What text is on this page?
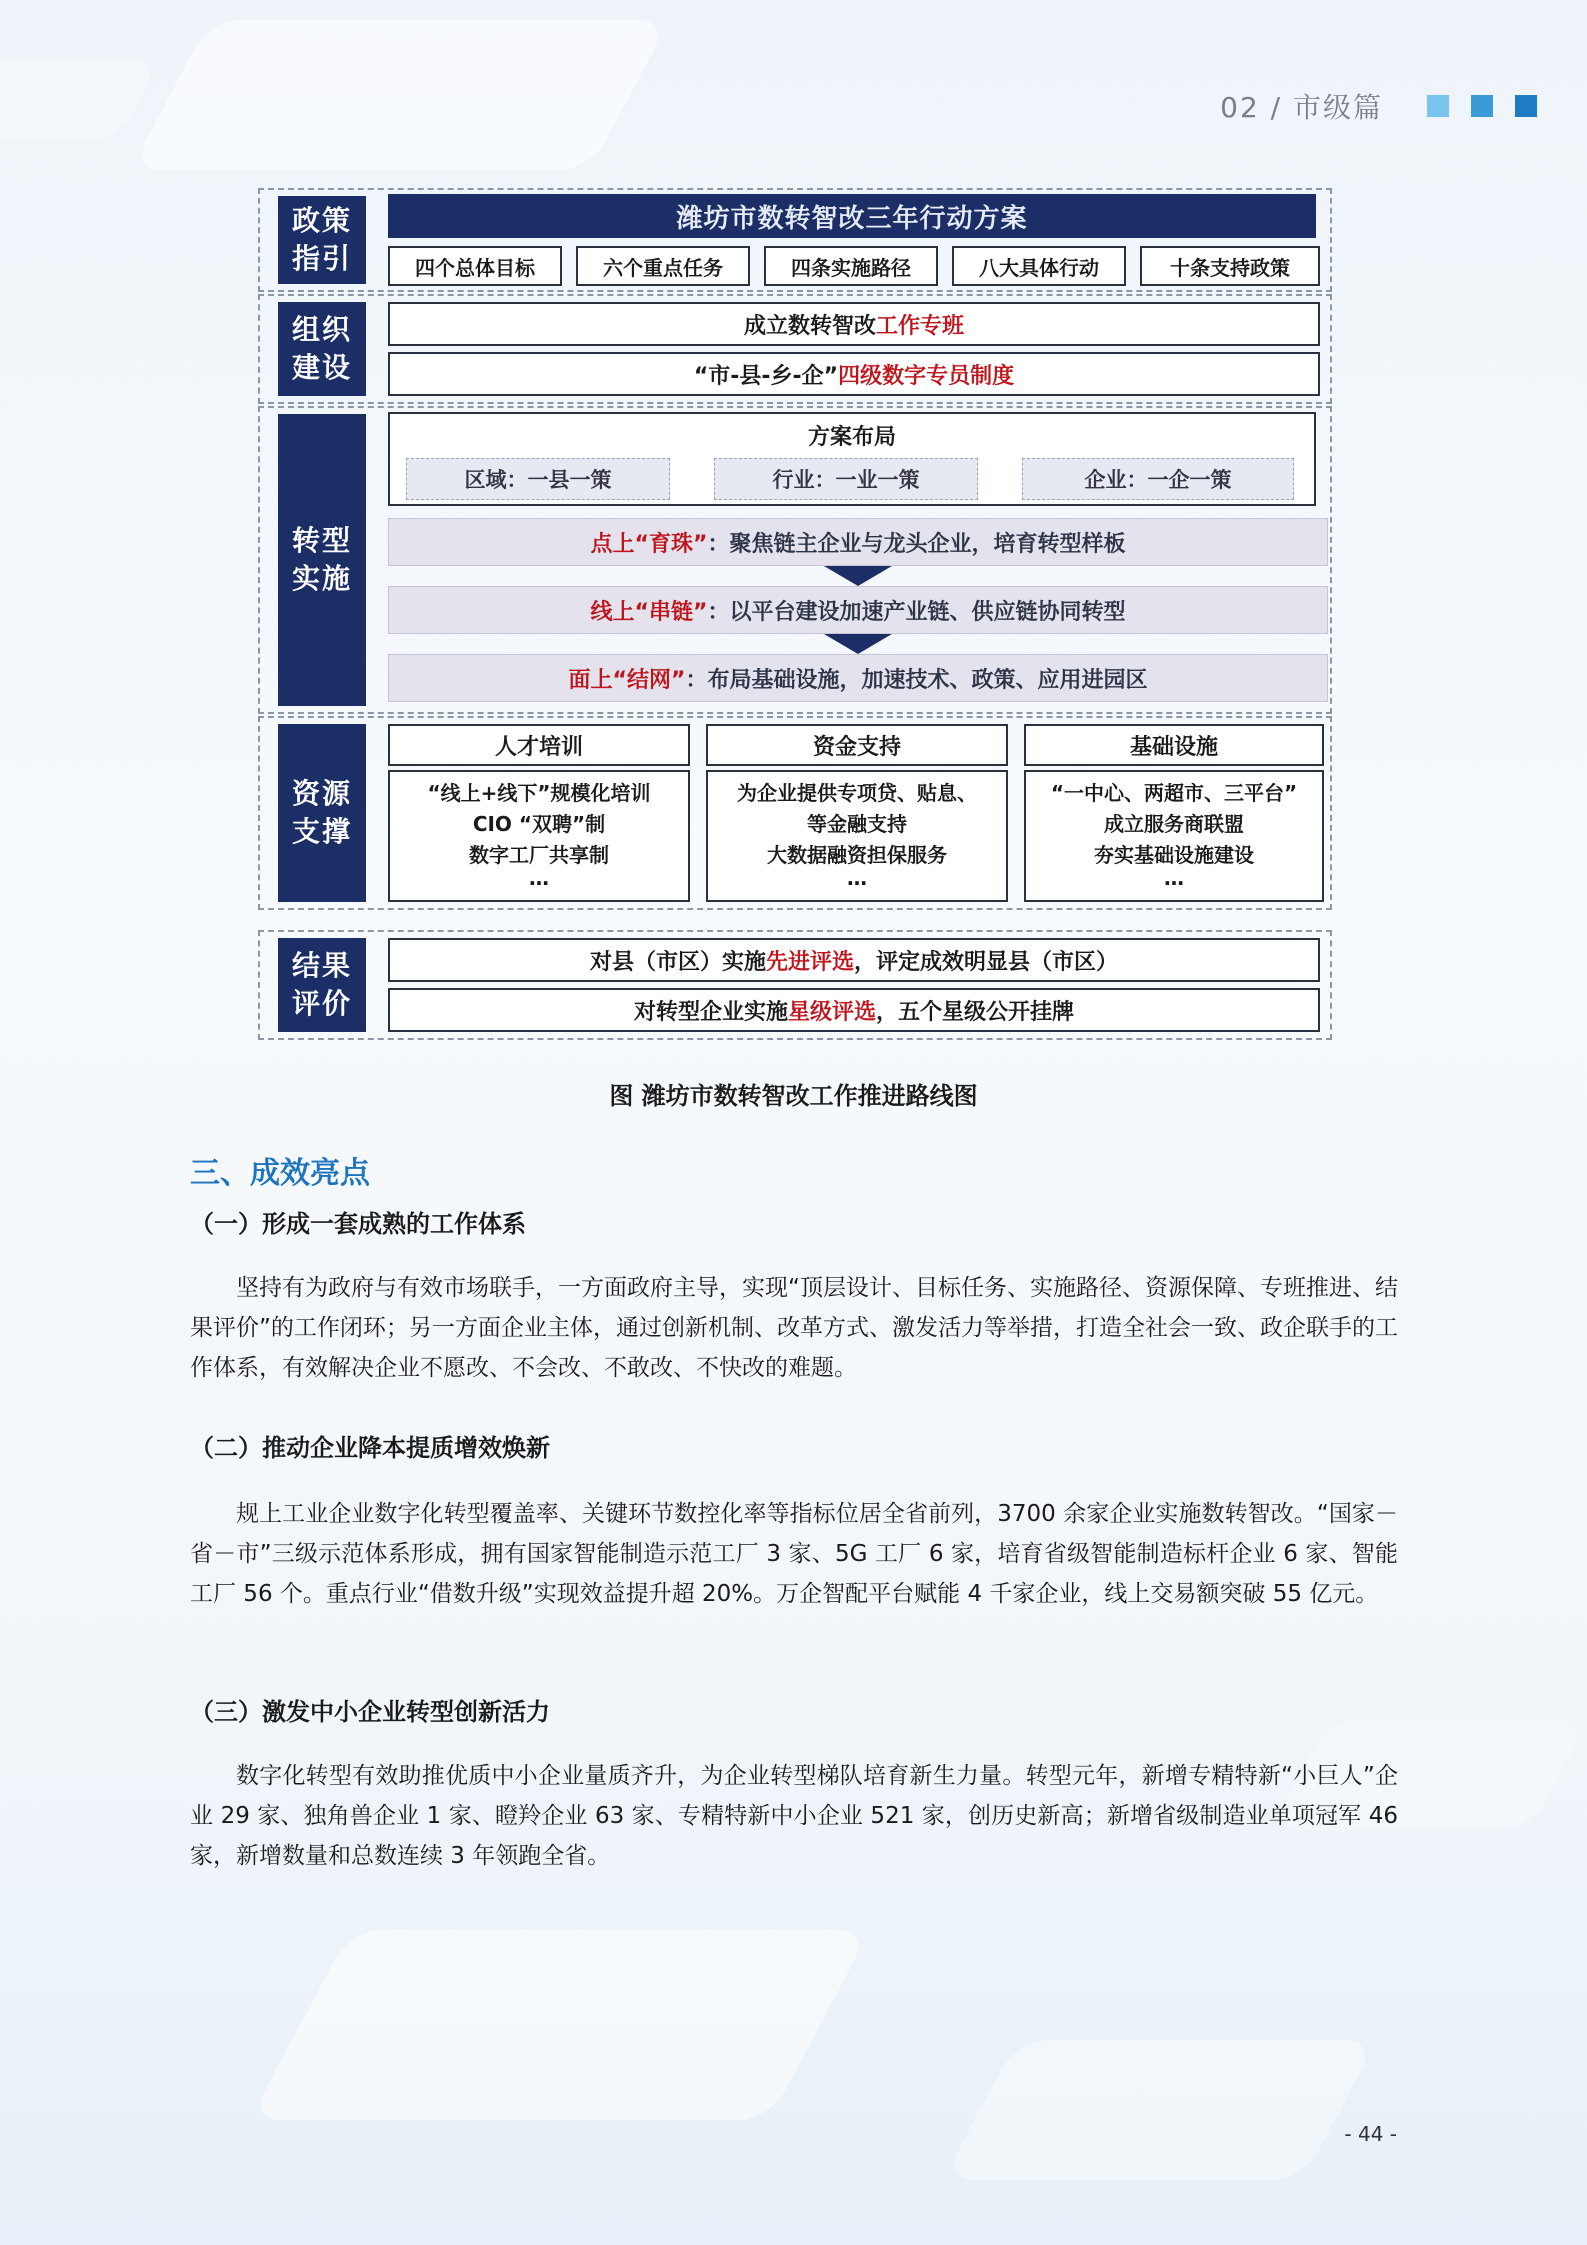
02 / 市级篇
政策指引
潍坊市数转智改三年行动方案
四个总体目标	六个重点任务	四条实施路径	八大具体行动	十条支持政策
组织建设
成立数转智改 工作专班
“市-县-乡-企” 四级数字专员制度
转型实施
方案布局
区域：一县一策	行业：一业一策	企业：一企一策
点上“育珠” ：聚焦链主企业与龙头企业，培育转型样板
线上“串链” ：以平台建设加速产业链、供应链协同转型
面上“结网” ：布局基础设施，加速技术、政策、应用进园区
资源支撑
人才培训	资金支持	基础设施
“线上+线下”规模化培训
CIO “双聘”制
数字工厂共享制
…
为企业提供专项贷、贴息、
等金融支持
大数据融资担保服务
…
“一中心、两超市、三平台”
成立服务商联盟
夯实基础设施建设
…
结果评价
对县（市区）实施 先进评选 ，评定成效明显县（市区）
对转型企业实施 星级评选 ，五个星级公开挂牌
图 潍坊市数转智改工作推进路线图
三、成效亮点
（一）形成一套成熟的工作体系
坚持有为政府与有效市场联手，一方面政府主导，实现“顶层设计、目标任务、实施路径、资源保障、专班推进、结果评价”的工作闭环；另一方面企业主体，通过创新机制、改革方式、激发活力等举措，打造全社会一致、政企联手的工作体系，有效解决企业不愿改、不会改、不敢改、不快改的难题。
（二）推动企业降本提质增效焕新
规上工业企业数字化转型覆盖率、关键环节数控化率等指标位居全省前列，3700 余家企业实施数转智改。“国家－省－市”三级示范体系形成，拥有国家智能制造示范工厂 3 家、5G 工厂 6 家，培育省级智能制造标杆企业 6 家、智能工厂 56 个。重点行业“借数升级”实现效益提升超 20%。万企智配平台赋能 4 千家企业，线上交易额突破 55 亿元。
（三）激发中小企业转型创新活力
数字化转型有效助推优质中小企业量质齐升，为企业转型梯队培育新生力量。转型元年，新增专精特新“小巨人”企业 29 家、独角兽企业 1 家、瞪羚企业 63 家、专精特新中小企业 521 家，创历史新高；新增省级制造业单项冠军 46 家，新增数量和总数连续 3 年领跑全省。
- 44 -
